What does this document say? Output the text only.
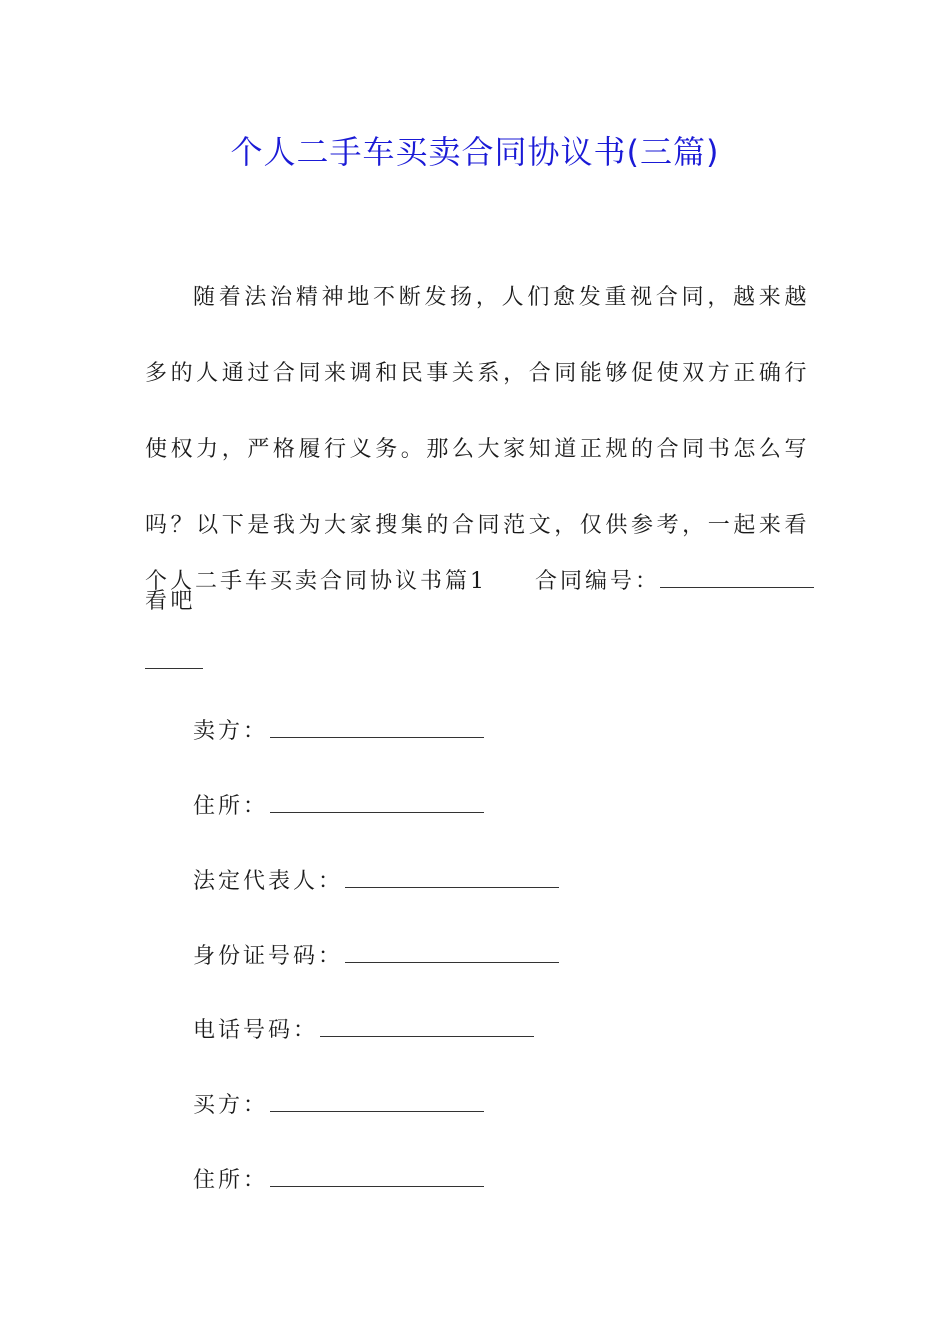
个人二手车买卖合同协议书(三篇)

随着法治精神地不断发扬，人们愈发重视合同，越来越多的人通过合同来调和民事关系，合同能够促使双方正确行使权力，严格履行义务。那么大家知道正规的合同书怎么写吗？以下是我为大家搜集的合同范文，仅供参考，一起来看看吧

个人二手车买卖合同协议书篇1 合同编号：
卖方：
住所：
法定代表人：
身份证号码：
电话号码：
买方：
住所：
